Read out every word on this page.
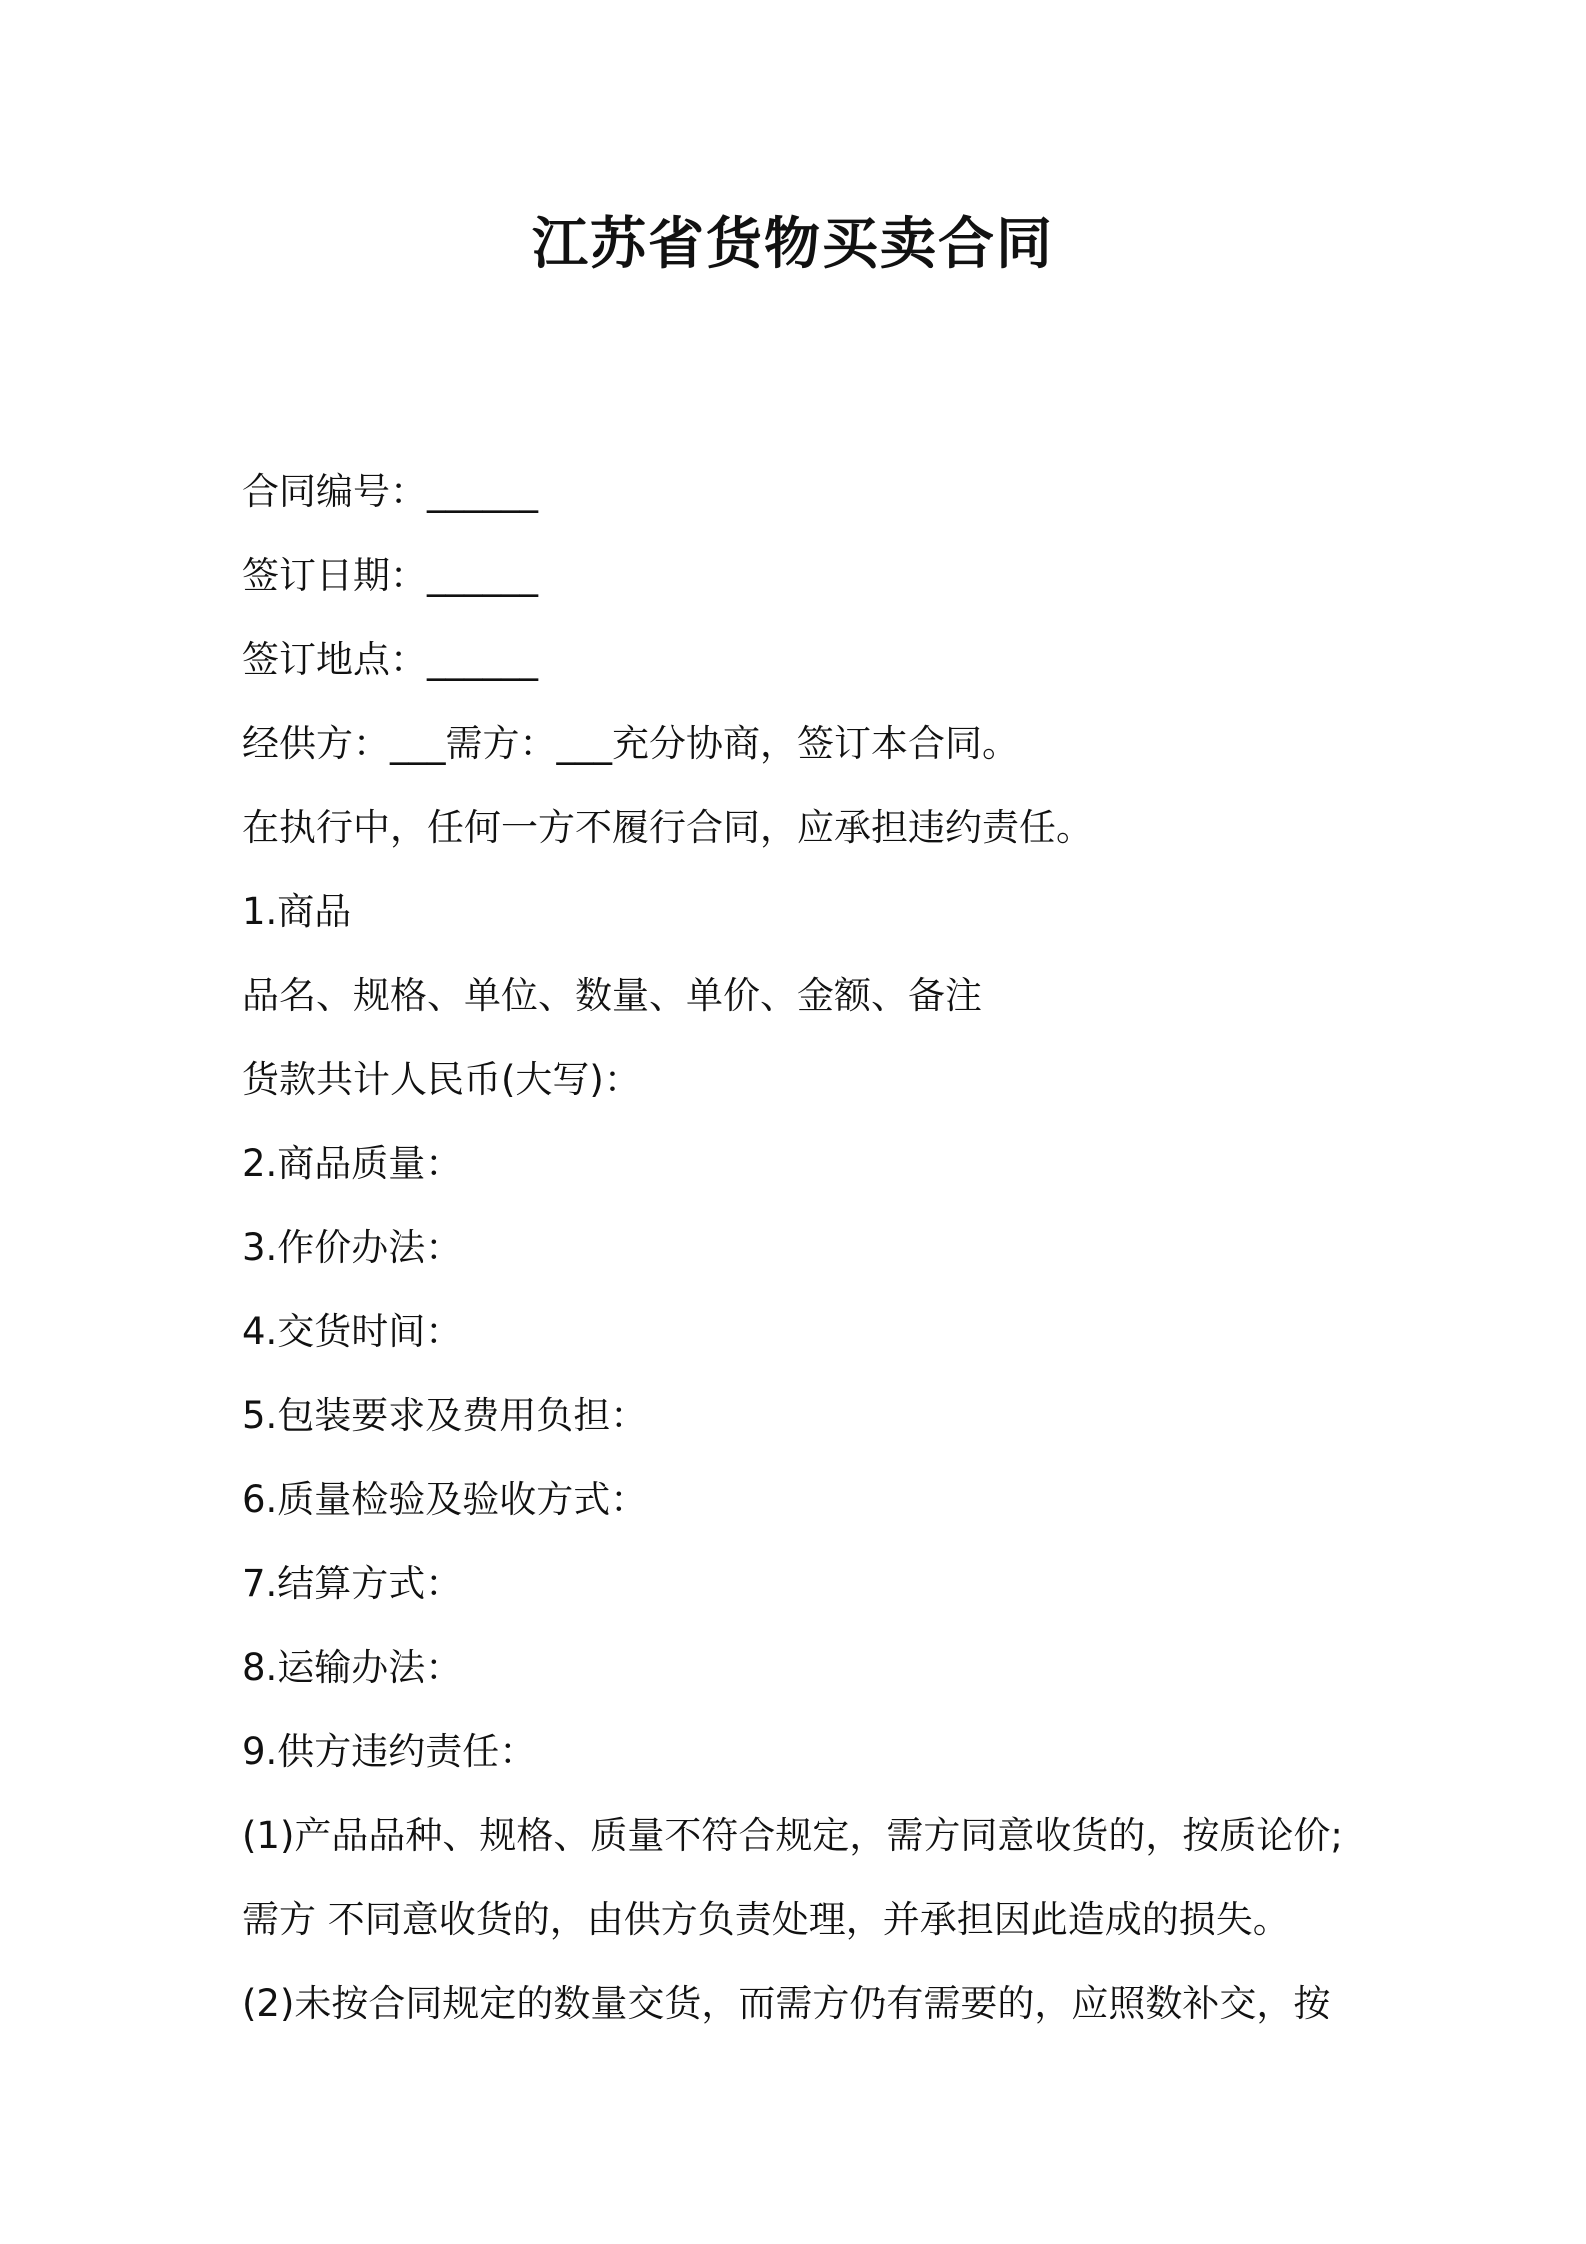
江苏省货物买卖合同

合同编号：______

签订日期：______

签订地点：______

经供方：___需方：___充分协商，签订本合同。

在执行中，任何一方不履行合同，应承担违约责任。

1.商品

品名、规格、单位、数量、单价、金额、备注

货款共计人民币(大写)：

2.商品质量：

3.作价办法：

4.交货时间：

5.包装要求及费用负担：

6.质量检验及验收方式：

7.结算方式：

8.运输办法：

9.供方违约责任：

(1)产品品种、规格、质量不符合规定，需方同意收货的，按质论价;

需方 不同意收货的，由供方负责处理，并承担因此造成的损失。

(2)未按合同规定的数量交货，而需方仍有需要的，应照数补交，按
